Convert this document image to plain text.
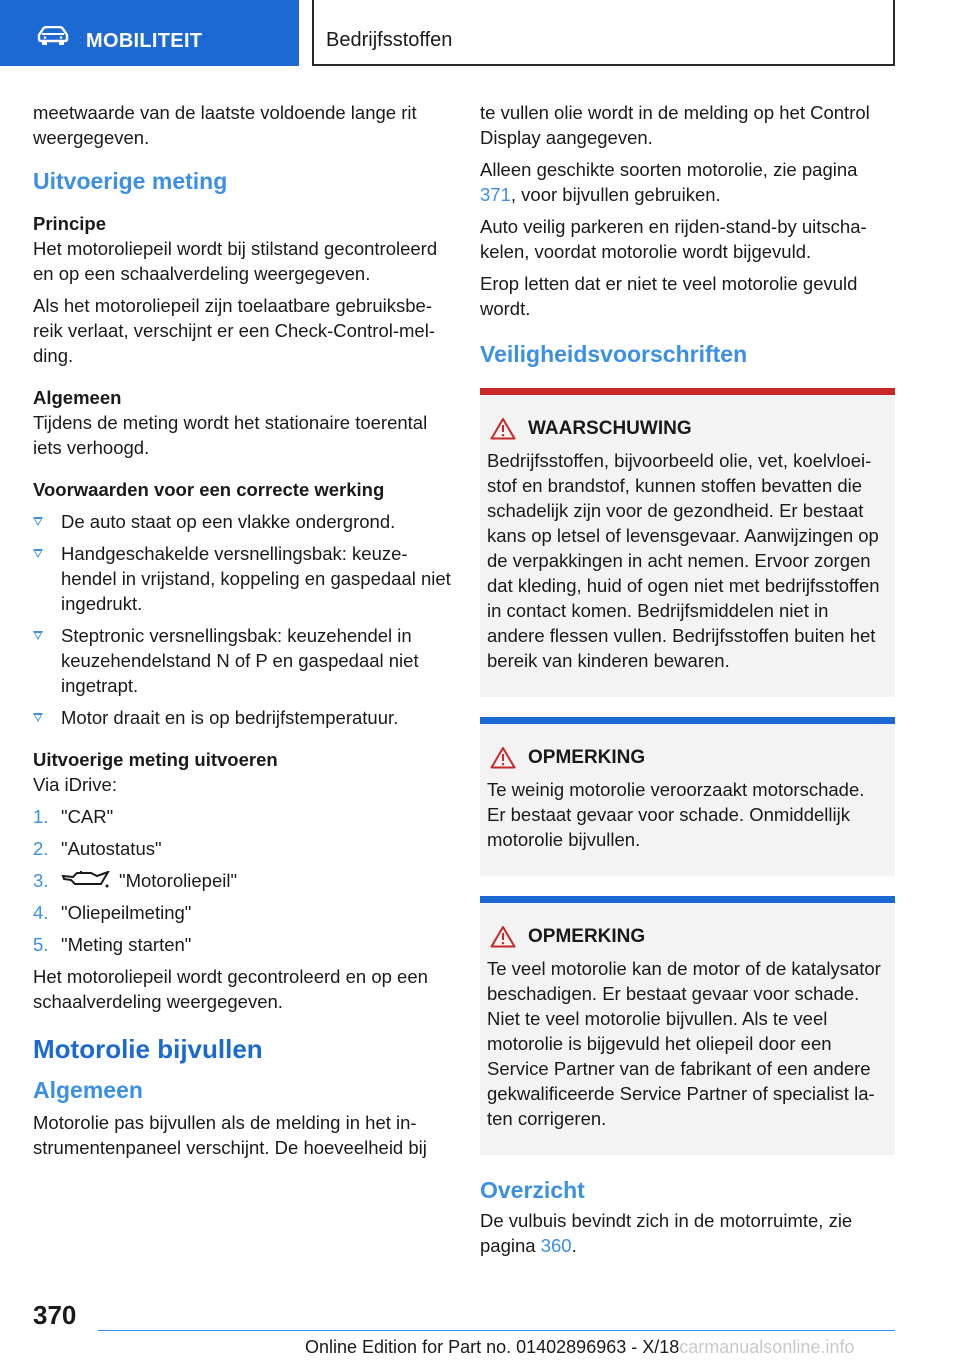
MOBILITEIT	Bedrijfsstoffen

meetwaarde van de laatste voldoende lange rit weergegeven.

Uitvoerige meting
Principe

Het motoroliepeil wordt bij stilstand gecontroleerd en op een schaalverdeling weergegeven.

Als het motoroliepeil zijn toelaatbare gebruiksbereik verlaat, verschijnt er een Check-Control-melding.

Algemeen

Tijdens de meting wordt het stationaire toerental iets verhoogd.

Voorwaarden voor een correcte werking
De auto staat op een vlakke ondergrond.
Handgeschakelde versnellingsbak: keuzehendel in vrijstand, koppeling en gaspedaal niet ingedrukt.
Steptronic versnellingsbak: keuzehendel in keuzehendelstand N of P en gaspedaal niet ingetrapt.
Motor draait en is op bedrijfstemperatuur.
Uitvoerige meting uitvoeren

Via iDrive:

1. "CAR"
2. "Autostatus"
3.	"Motoroliepeil"
4. "Oliepeilmeting"
5. "Meting starten"

Het motoroliepeil wordt gecontroleerd en op een schaalverdeling weergegeven.

Motorolie bijvullen
Algemeen

Motorolie pas bijvullen als de melding in het instrumentenpaneel verschijnt. De hoeveelheid bij

te vullen olie wordt in de melding op het Control Display aangegeven.

Alleen geschikte soorten motorolie, zie pagina 371, voor bijvullen gebruiken.

Auto veilig parkeren en rijden-stand-by uitschakelen, voordat motorolie wordt bijgevuld.

Erop letten dat er niet te veel motorolie gevuld wordt.

Veiligheidsvoorschriften
WAARSCHUWING

Bedrijfsstoffen, bijvoorbeeld olie, vet, koelvloeistof en brandstof, kunnen stoffen bevatten die schadelijk zijn voor de gezondheid. Er bestaat kans op letsel of levensgevaar. Aanwijzingen op de verpakkingen in acht nemen. Ervoor zorgen dat kleding, huid of ogen niet met bedrijfsstoffen in contact komen. Bedrijfsmiddelen niet in andere flessen vullen. Bedrijfsstoffen buiten het bereik van kinderen bewaren.

OPMERKING

Te weinig motorolie veroorzaakt motorschade. Er bestaat gevaar voor schade. Onmiddellijk motorolie bijvullen.

OPMERKING

Te veel motorolie kan de motor of de katalysator beschadigen. Er bestaat gevaar voor schade. Niet te veel motorolie bijvullen. Als te veel motorolie is bijgevuld het oliepeil door een Service Partner van de fabrikant of een andere gekwalificeerde Service Partner of specialist laten corrigeren.

Overzicht

De vulbuis bevindt zich in de motorruimte, zie pagina 360.

370
Online Edition for Part no. 01402896963 - X/18carmanualsonline.info
